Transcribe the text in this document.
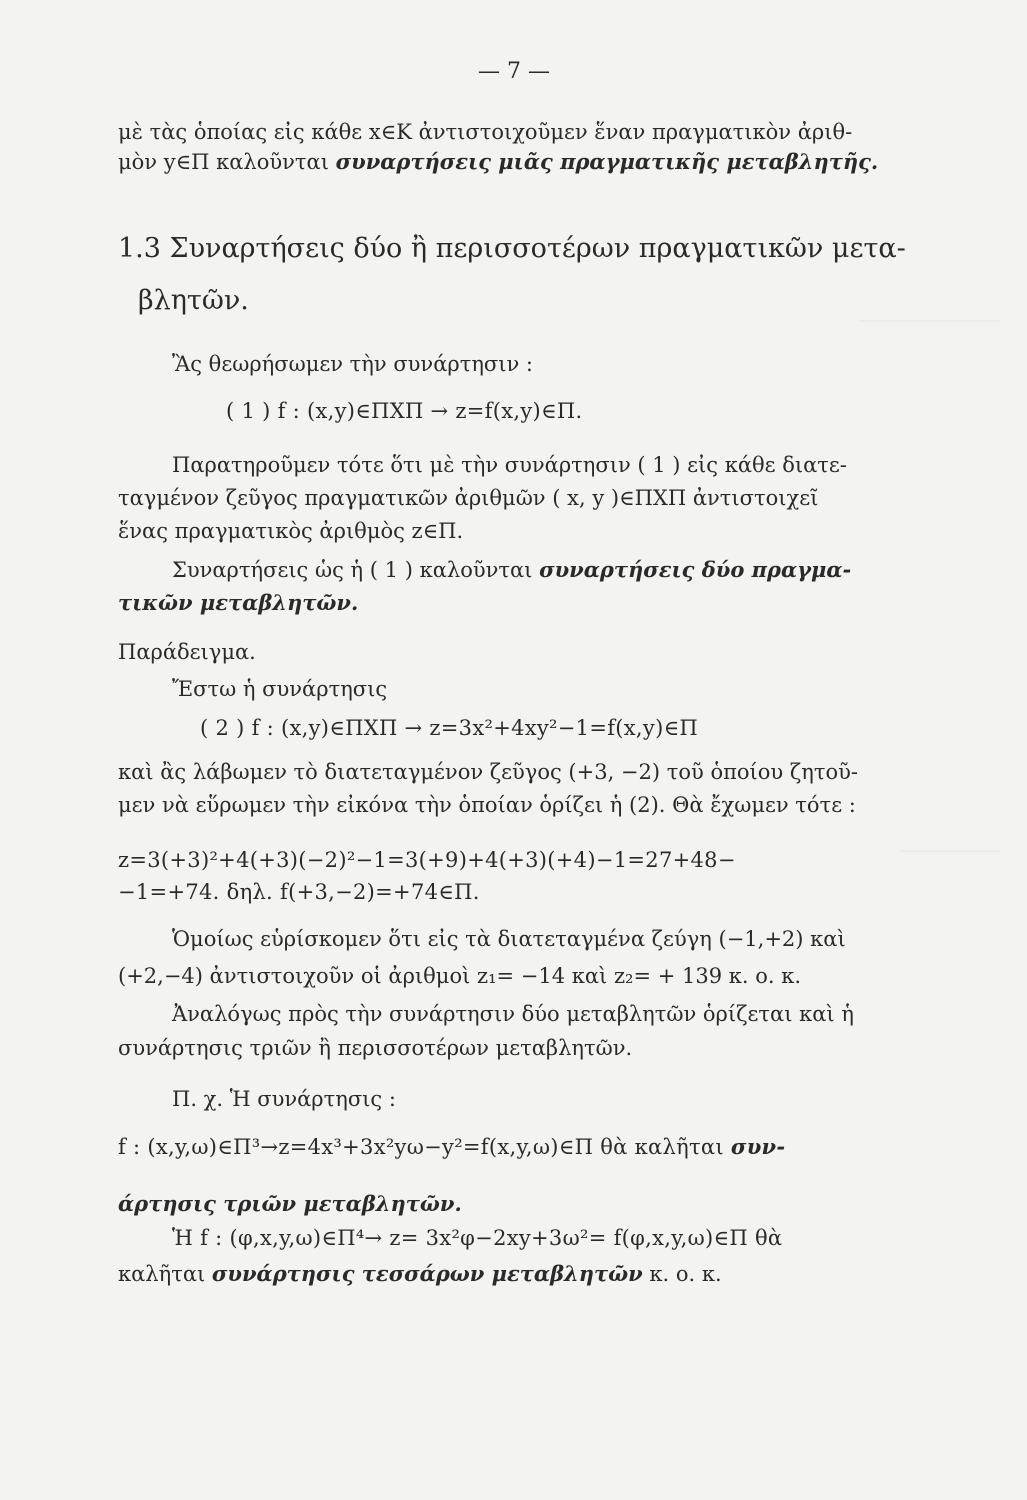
— 7 —
μὲ τὰς ὁποίας εἰς κάθε x∈K ἀντιστοιχοῦμεν ἕναν πραγματικὸν ἀριθ-
μὸν y∈Π καλοῦνται συναρτήσεις μιᾶς πραγματικῆς μεταβλητῆς.
1.3 Συναρτήσεις δύο ἢ περισσοτέρων πραγματικῶν μετα-
βλητῶν.
Ἂς θεωρήσωμεν τὴν συνάρτησιν :
( 1 ) f : (x,y)∈ΠΧΠ → z=f(x,y)∈Π.
Παρατηροῦμεν τότε ὅτι μὲ τὴν συνάρτησιν ( 1 ) εἰς κάθε διατε-
ταγμένον ζεῦγος πραγματικῶν ἀριθμῶν ( x, y )∈ΠΧΠ ἀντιστοιχεῖ
ἕνας πραγματικὸς ἀριθμὸς z∈Π.
Συναρτήσεις ὡς ἡ ( 1 ) καλοῦνται συναρτήσεις δύο πραγμα-
τικῶν μεταβλητῶν.
Παράδειγμα.
Ἔστω ἡ συνάρτησις
( 2 ) f : (x,y)∈ΠΧΠ → z=3x²+4xy²−1=f(x,y)∈Π
καὶ ἂς λάβωμεν τὸ διατεταγμένον ζεῦγος (+3, −2) τοῦ ὁποίου ζητοῦ-
μεν νὰ εὕρωμεν τὴν εἰκόνα τὴν ὁποίαν ὁρίζει ἡ (2). Θὰ ἔχωμεν τότε :
z=3(+3)²+4(+3)(−2)²−1=3(+9)+4(+3)(+4)−1=27+48−
−1=+74. δηλ. f(+3,−2)=+74∈Π.
Ὁμοίως εὑρίσκομεν ὅτι εἰς τὰ διατεταγμένα ζεύγη (−1,+2) καὶ
(+2,−4) ἀντιστοιχοῦν οἱ ἀριθμοὶ z₁= −14 καὶ z₂= + 139 κ. ο. κ.
Ἀναλόγως πρὸς τὴν συνάρτησιν δύο μεταβλητῶν ὁρίζεται καὶ ἡ
συνάρτησις τριῶν ἢ περισσοτέρων μεταβλητῶν.
Π. χ. Ἡ συνάρτησις :
f : (x,y,ω)∈Π³→z=4x³+3x²yω−y²=f(x,y,ω)∈Π θὰ καλῆται συν-
άρτησις τριῶν μεταβλητῶν.
Ἡ f : (φ,x,y,ω)∈Π⁴→ z= 3x²φ−2xy+3ω²= f(φ,x,y,ω)∈Π θὰ
καλῆται συνάρτησις τεσσάρων μεταβλητῶν κ. ο. κ.
